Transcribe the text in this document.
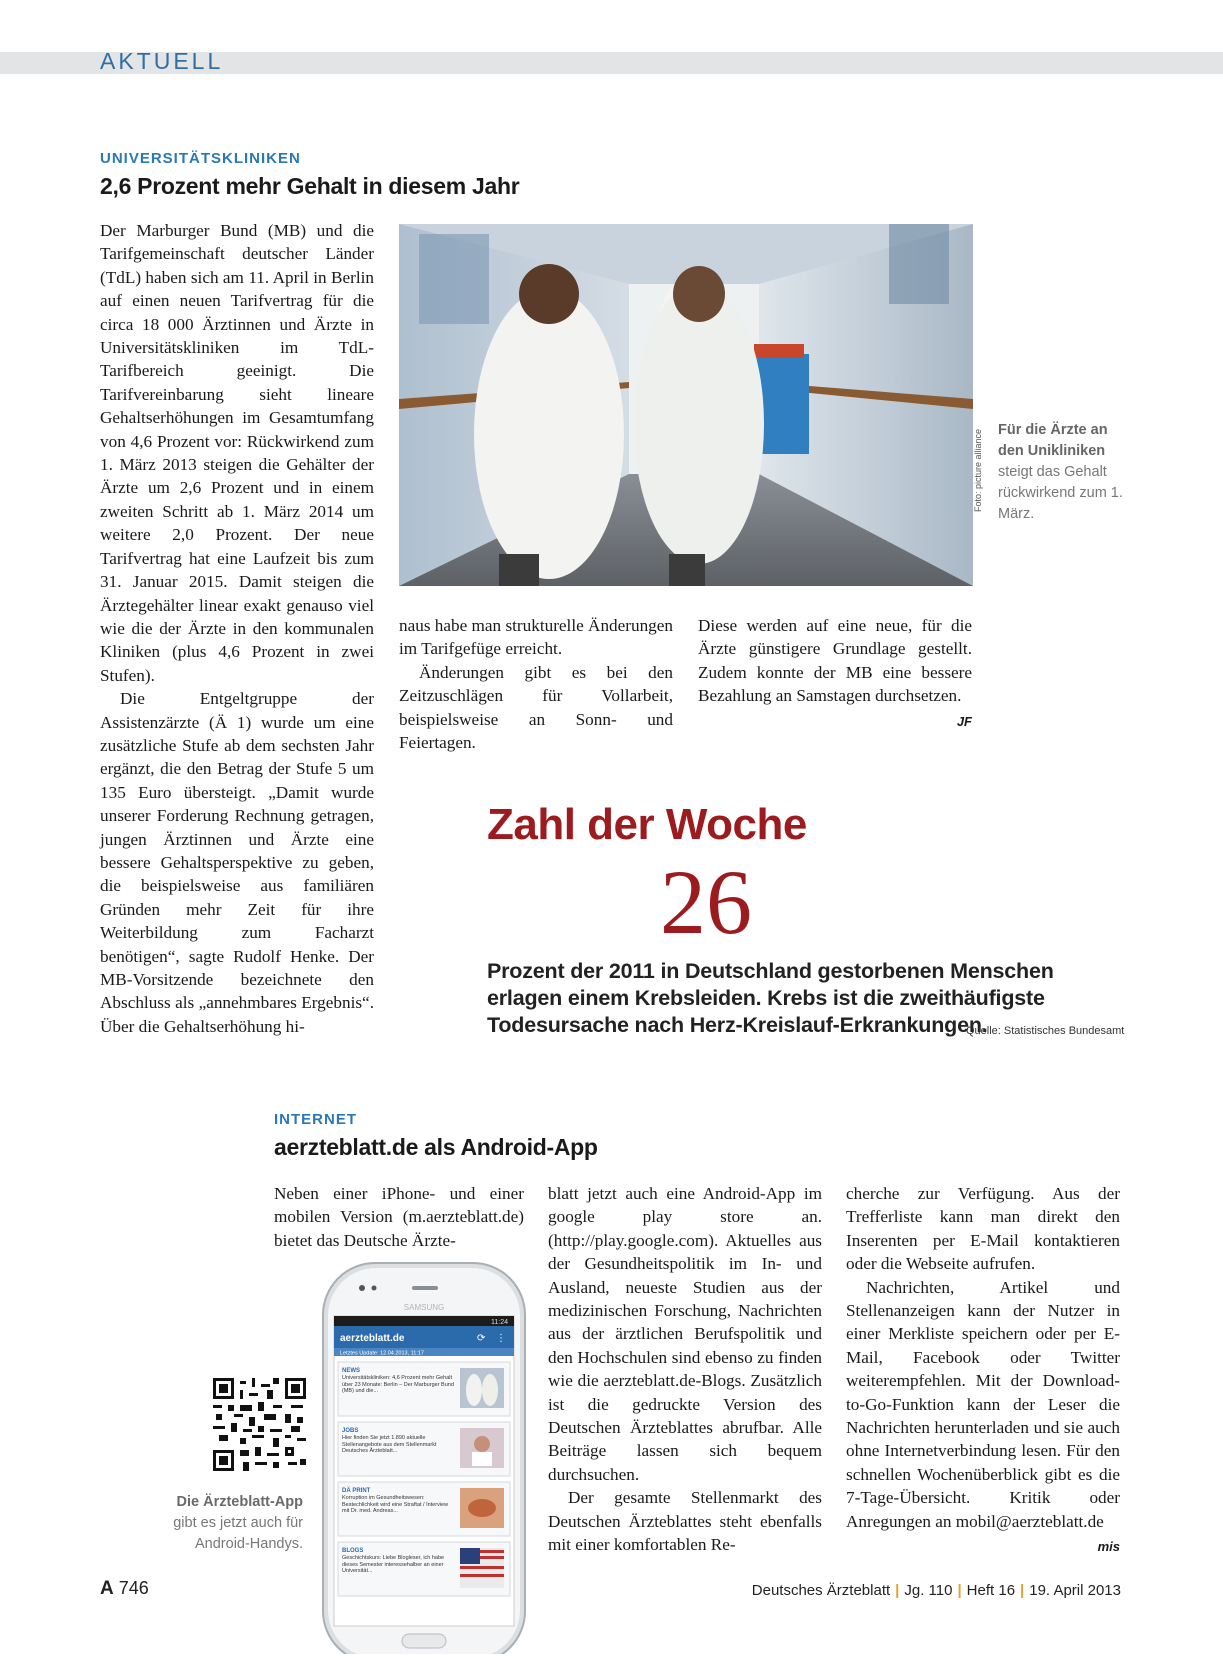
AKTUELL
UNIVERSITÄTSKLINIKEN
2,6 Prozent mehr Gehalt in diesem Jahr

Der Marburger Bund (MB) und die Tarifgemeinschaft deutscher Länder (TdL) haben sich am 11. April in Berlin auf einen neuen Tarifvertrag für die circa 18 000 Ärztinnen und Ärzte in Universitätskliniken im TdL-Tarifbereich geeinigt. Die Tarifvereinbarung sieht lineare Gehaltserhöhungen im Gesamtumfang von 4,6 Prozent vor: Rückwirkend zum 1. März 2013 steigen die Gehälter der Ärzte um 2,6 Prozent und in einem zweiten Schritt ab 1. März 2014 um weitere 2,0 Prozent. Der neue Tarifvertrag hat eine Laufzeit bis zum 31. Januar 2015. Damit steigen die Ärztegehälter linear exakt genauso viel wie die der Ärzte in den kommunalen Kliniken (plus 4,6 Prozent in zwei Stufen).

Die Entgeltgruppe der Assistenzärzte (Ä 1) wurde um eine zusätzliche Stufe ab dem sechsten Jahr ergänzt, die den Betrag der Stufe 5 um 135 Euro übersteigt. „Damit wurde unserer Forderung Rechnung getragen, jungen Ärztinnen und Ärzte eine bessere Gehaltsperspektive zu geben, die beispielsweise aus familiären Gründen mehr Zeit für ihre Weiterbildung zum Facharzt benötigen“, sagte Rudolf Henke. Der MB-Vorsitzende bezeichnete den Abschluss als „annehmbares Ergebnis“. Über die Gehaltserhöhung hi-

Foto: picture alliance Für die Ärzte an den Unikliniken steigt das Gehalt rückwirkend zum 1. März.

naus habe man strukturelle Änderungen im Tarifgefüge erreicht.

Änderungen gibt es bei den Zeitzuschlägen für Vollarbeit, beispielsweise an Sonn- und Feiertagen.

Diese werden auf eine neue, für die Ärzte günstigere Grundlage gestellt. Zudem konnte der MB eine bessere Bezahlung an Samstagen durchsetzen.
JF

Zahl der Woche
26
Prozent der 2011 in Deutschland gestorbenen Menschen erlagen einem Krebsleiden. Krebs ist die zweithäufigste Todesursache nach Herz-Kreislauf-Erkrankungen.
Quelle: Statistisches Bundesamt
INTERNET
aerzteblatt.de als Android-App

Neben einer iPhone- und einer mobilen Version (m.aerzteblatt.de) bietet das Deutsche Ärzte-

blatt jetzt auch eine Android-App im google play store an. (http://play.google.com). Aktuelles aus der Gesundheitspolitik im In- und Ausland, neueste Studien aus der medizinischen Forschung, Nachrichten aus der ärztlichen Berufspolitik und den Hochschulen sind ebenso zu finden wie die aerzteblatt.de-Blogs. Zusätzlich ist die gedruckte Version des Deutschen Ärzteblattes abrufbar. Alle Beiträge lassen sich bequem durchsuchen.

Der gesamte Stellenmarkt des Deutschen Ärzteblattes steht ebenfalls mit einer komfortablen Re-

cherche zur Verfügung. Aus der Trefferliste kann man direkt den Inserenten per E-Mail kontaktieren oder die Webseite aufrufen.

Nachrichten, Artikel und Stellenanzeigen kann der Nutzer in einer Merkliste speichern oder per E-Mail, Facebook oder Twitter weiterempfehlen. Mit der Download-to-Go-Funktion kann der Leser die Nachrichten herunterladen und sie auch ohne Internetverbindung lesen. Für den schnellen Wochenüberblick gibt es die 7-Tage-Übersicht. Kritik oder Anregungen an mobil@aerzteblatt.de
mis

Die Ärzteblatt-App
gibt es jetzt auch für Android-Handys.
SAMSUNG
11:24
aerzteblatt.de	⟳ ⋮
Letztes Update: 12.04.2013, 11:17
NEWS
Universitätskliniken: 4,6 Prozent mehr Gehalt über 23 Monate: Berlin – Der Marburger Bund (MB) und die...
JOBS
Hier finden Sie jetzt 1.890 aktuelle Stellenangebote aus dem Stellenmarkt Deutsches Ärzteblatt...
DÄ PRINT
Korruption im Gesundheitswesen: Bestechlichkeit wird eine Straftat / Interview mit Dr. med. Andreas...
BLOGS
Geschichtskurs: Liebe Blogleser, ich habe dieses Semester interessehalber an einer Universität...
A 746	Deutsches Ärzteblatt | Jg. 110 | Heft 16 | 19. April 2013
